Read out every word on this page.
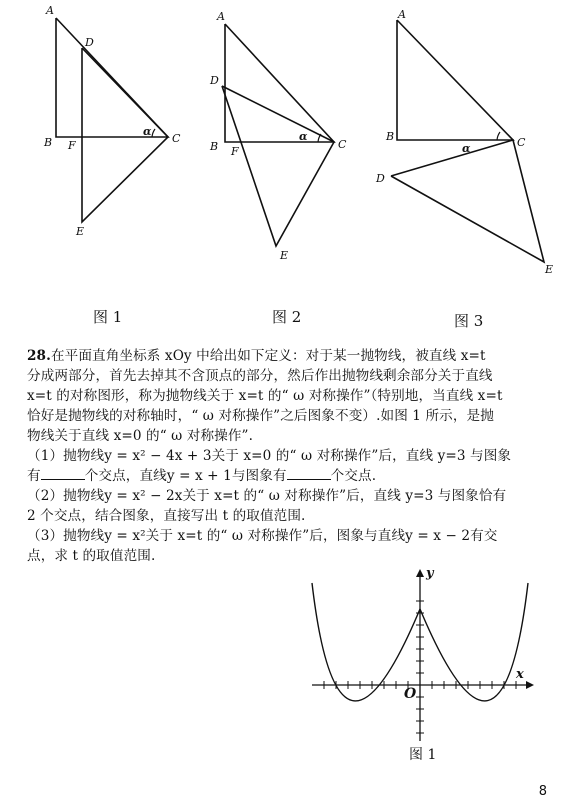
A
D
B F
C
E
α
A
D
B F
C
E
α
A
B	C
D
E
α
图 1	图 2	图 3
28.在平面直角坐标系 xOy 中给出如下定义：对于某一抛物线，被直线 x=t
分成两部分，首先去掉其不含顶点的部分，然后作出抛物线剩余部分关于直线
x=t 的对称图形，称为抛物线关于 x=t 的“ ω 对称操作”（特别地，当直线 x=t
恰好是抛物线的对称轴时，“ ω 对称操作”之后图象不变）.如图 1 所示，是抛
物线关于直线 x=0 的“ ω 对称操作”.
（1）抛物线y = x² − 4x + 3关于 x=0 的“ ω 对称操作”后，直线 y=3 与图象
有	个交点，直线y = x + 1与图象有	个交点.
（2）抛物线y = x² − 2x关于 x=t 的“ ω 对称操作”后，直线 y=3 与图象恰有
2 个交点，结合图象，直接写出 t 的取值范围.
（3）抛物线y = x²关于 x=t 的“ ω 对称操作”后，图象与直线y = x − 2有交
点，求 t 的取值范围.
x
y
O
图 1
8
